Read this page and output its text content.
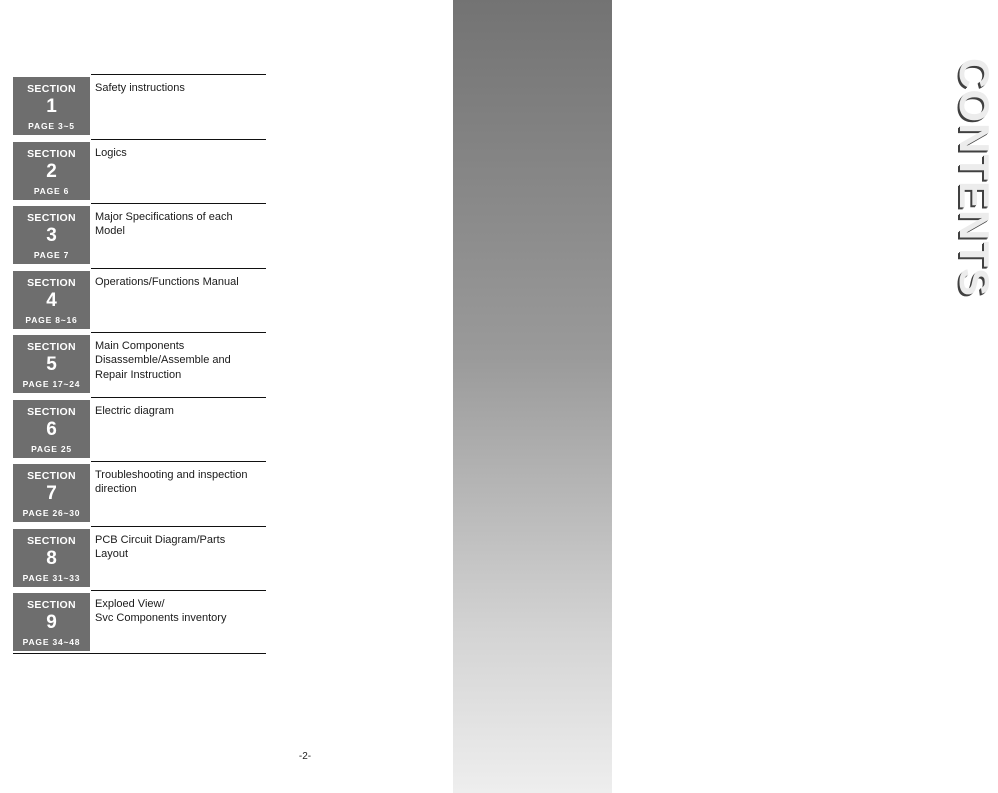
CONTENTS
SECTION
1
PAGE 3~5
Safety instructions
SECTION
2
PAGE 6
Logics
SECTION
3
PAGE 7
Major Specifications of each
Model
SECTION
4
PAGE 8~16
Operations/Functions Manual
SECTION
5
PAGE 17~24
Main Components
Disassemble/Assemble and
Repair Instruction
SECTION
6
PAGE 25
Electric diagram
SECTION
7
PAGE 26~30
Troubleshooting and inspection
direction
SECTION
8
PAGE 31~33
PCB Circuit Diagram/Parts
Layout
SECTION
9
PAGE 34~48
Exploed View/
Svc Components inventory
-2-
